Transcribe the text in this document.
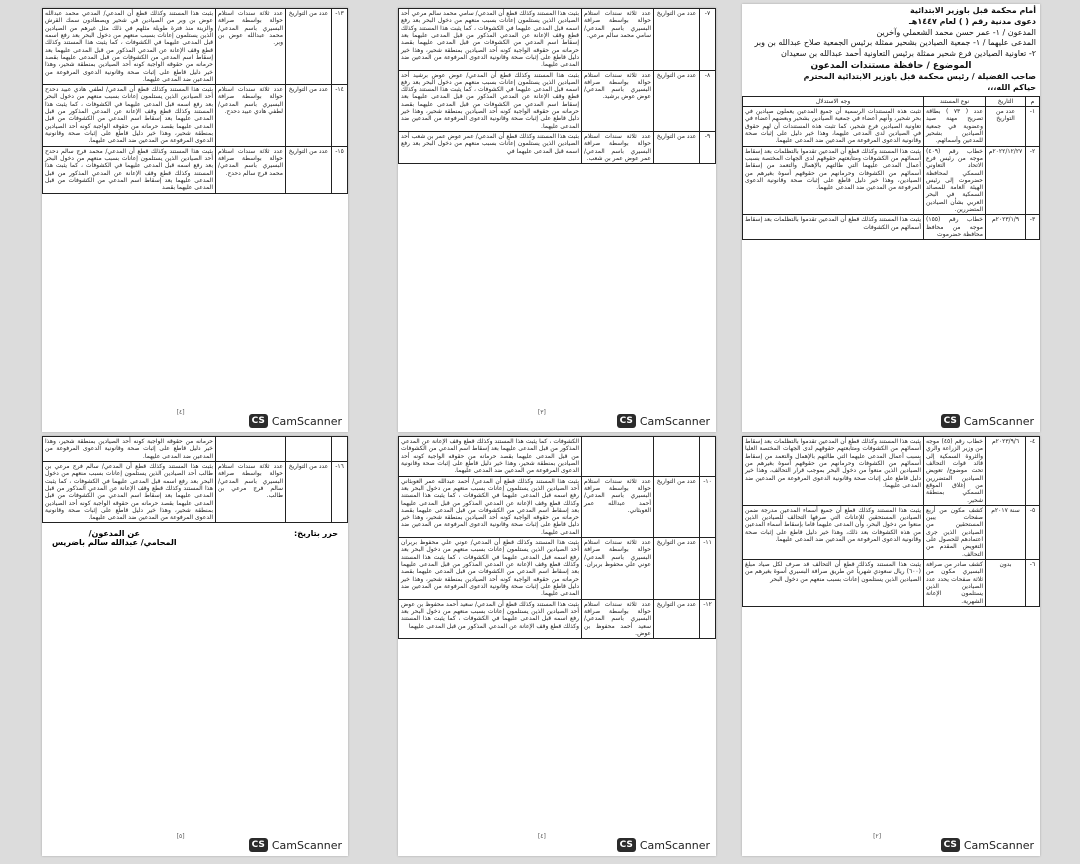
١٣-	عدد من التواريخ	عدد ثلاثة سندات استلام حوالة بواسطة صرافة البسيري باسم المدعي/ محمد عبدالله عوض بن وبر.	بثبت هذا المستند وكذلك قطع أن المدعي/ المدعي محمد عبدالله عوض بن وبر من الصيادين في شحير ويصطادون سمك القرش والزينة منذ فترة طويلة مثلهم في ذلك مثل غيرهم من الصيادين الذين يستلمون إعانات بسبب منعهم من دخول البحر بعد رفع اسمه قبل المدعى عليهما في الكشوفات ، كما يثبت هذا المستند وكذلك قطع وقف الإعانة عن المدعي المذكور من قبل المدعى عليهما بعد إسقاط اسم المدعي من الكشوفات من قبل المدعى عليهما بقصد حرمانه من حقوقه الواجبة كونه أحد الصيادين بمنطقة شحير، وهذا خير دليل قاطع على إثبات صحة وقانونية الدعوى المرفوعة من المدعين ضد المدعى عليهما.
١٤-	عدد من التواريخ	عدد ثلاثة سندات استلام حوالة بواسطة صرافة البسيري باسم المدعي/ لطفي هادي عبيد دحدح.	بثبت هذا المستند وكذلك قطع أن المدعي/ لطفي هادي عبيد دحدح أحد الصيادين الذين يستلمون إعانات بسبب منعهم من دخول البحر بعد رفع اسمه قبل المدعى عليهما في الكشوفات ، كما يثبت هذا المستند وكذلك قطع وقف الإعانة عن المدعي المذكور من قبل المدعى عليهما بعد إسقاط اسم المدعي من الكشوفات من قبل المدعى عليهما بقصد حرمانه من حقوقه الواجبة كونه أحد الصيادين بمنطقة شحير، وهذا خير دليل قاطع على إثبات صحة وقانونية الدعوى المرفوعة من المدعين ضد المدعى عليهما.
١٥-	عدد من التواريخ	عدد ثلاثة سندات استلام حوالة بواسطة صرافة البسيري باسم المدعي/ محمد فرج سالم دحدح.	بثبت هذا المستند وكذلك قطع أن المدعي/ محمد فرج سالم دحدح أحد الصيادين الذين يستلمون إعانات بسبب منعهم من دخول البحر بعد رفع اسمه قبل المدعى عليهما في الكشوفات ، كما يثبت هذا المستند وكذلك قطع وقف الإعانة عن المدعي المذكور من قبل المدعى عليهما بعد إسقاط اسم المدعي من الكشوفات من قبل المدعى عليهما بقصد
[٤]
CS CamScanner
٧-	عدد من التواريخ	عدد ثلاثة سندات استلام حوالة بواسطة صرافة البسيري باسم المدعي/ سامي محمد سالم مرعي.	بثبت هذا المستند وكذلك قطع أن المدعي/ سامي محمد سالم مرعي أحد الصيادين الذين يستلمون إعانات بسبب منعهم من دخول البحر بعد رفع اسمه قبل المدعى عليهما في الكشوفات ، كما يثبت هذا المستند وكذلك قطع وقف الإعانة عن المدعي المذكور من قبل المدعى عليهما بعد إسقاط اسم المدعي من الكشوفات من قبل المدعى عليهما بقصد حرمانه من حقوقه الواجبة كونه أحد الصيادين بمنطقة شحير، وهذا خير دليل قاطع على إثبات صحة وقانونية الدعوى المرفوعة من المدعين ضد المدعى عليهما.
٨-	عدد من التواريخ	عدد ثلاثة سندات استلام حوالة بواسطة صرافة البسيري باسم المدعي/ عوض عوض برشيد.	بثبت هذا المستند وكذلك قطع أن المدعي/ عوض عوض برشيد أحد الصيادين الذين يستلمون إعانات بسبب منعهم من دخول البحر بعد رفع اسمه قبل المدعى عليهما في الكشوفات ، كما يثبت هذا المستند وكذلك قطع وقف الإعانة عن المدعي المذكور من قبل المدعى عليهما بعد إسقاط اسم المدعي من الكشوفات من قبل المدعى عليهما بقصد حرمانه من حقوقه الواجبة كونه أحد الصيادين بمنطقة شحير، وهذا خير دليل قاطع على إثبات صحة وقانونية الدعوى المرفوعة من المدعين ضد المدعى عليهما.
٩-	عدد من التواريخ	عدد ثلاثة سندات استلام حوالة بواسطة صرافة البسيري باسم المدعي/ عمر عوض عمر بن شعب.	بثبت هذا المستند وكذلك قطع أن المدعي/ عمر عوض عمر بن شعب أحد الصيادين الذين يستلمون إعانات بسبب منعهم من دخول البحر بعد رفع اسمه قبل المدعى عليهما في
[٣]
CS CamScanner
أمام محكمة قبل باوزير الابتدائية
دعوى مدنية رقم ( ) لعام ١٤٤٧هـ
المدعون / ١- عمر حسن محمد الشعملي وآخرين
المدعى عليهما / ١- جمعية الصيادين بشحير ممثلة برئيس الجمعية صلاح عبدالله بن وبر
٢- تعاونية الصيادين فرع شحير ممثلة برئيس التعاونية أحمد عبدالله بن سعيدان
الموضوع / حافظة مستندات المدعون
صاحب الفضيلة / رئيس محكمة قبل باوزير الابتدائية المحترم
حياكم الله،،،
م	التاريخ	نوع المستند	وجه الاستدلال
١-	عدد من التواريخ	عدد ( ٧٣ ) بطاقة تصريح مهنة صيد وعضوية في جمعية الصيادين بشحير للمدعين وأسمائهم.	تثبت هذه المستندات الرسمية أن جميع المدعين يعملون صيادين في بحر شحير، وأنهم أعضاء في جمعية الصيادين بشحير وبعضهم أعضاء في تعاونية الصيادين فرع شحير، كما تثبت هذه المستندات أن لهم حقوق في الصيادين لدى المدعى عليهما، وهذا خير دليل على إثبات صحة وقانونية الدعوى المرفوعة من المدعين ضد المدعى عليهما.
٢-	٢٠٢٢/١٢/٢٧م	خطاب رقم (٤٠٩) موجه من رئيس فرع الاتحاد التعاوني السمكي لمحافظة حضرموت إلى رئيس الهيئة العامة للمصائد السمكية في البحر العربي بشأن الصيادين المتضررين.	يثبت هذا المستند وكذلك قطع أن المدعين تقدموا بالتظلمات بعد إسقاط أسمائهم من الكشوفات ومتابعتهم حقوقهم لدى الجهات المختصة بسبب أعمال المدعى عليهما التي طالتهم بالإهمال والتعمد من إسقاط أسمائهم من الكشوفات وحرمانهم من حقوقهم أسوة بغيرهم من الصيادين، وهذا خير دليل قاطع على إثبات صحة وقانونية الدعوى المرفوعة من المدعين ضد المدعى عليهما.
٣-	٢٠٢٣/١/٩م	خطاب رقم (١٥٥) موجه من محافظ محافظة حضرموت	يثبت هذا المستند وكذلك قطع أن المدعين تقدموا بالتظلمات بعد إسقاط أسمائهم من الكشوفات
CS CamScanner
			حرمانه من حقوقه الواجبة كونه أحد الصيادين بمنطقة شحير، وهذا خير دليل قاطع على إثبات صحة وقانونية الدعوى المرفوعة من المدعين ضد المدعى عليهما.
١٦-	عدد من التواريخ	عدد ثلاثة سندات استلام حوالة بواسطة صرافة البسيري باسم المدعي/ سالم فرج مرعي بن طالب.	بثبت هذا المستند وكذلك قطع أن المدعي/ سالم فرج مرعي بن طالب أحد الصيادين الذين يستلمون إعانات بسبب منعهم من دخول البحر بعد رفع اسمه قبل المدعى عليهما في الكشوفات ، كما يثبت هذا المستند وكذلك قطع وقف الإعانة عن المدعي المذكور من قبل المدعى عليهما بعد إسقاط اسم المدعي من الكشوفات من قبل المدعى عليهما بقصد حرمانه من حقوقه الواجبة كونه أحد الصيادين بمنطقة شحير، وهذا خير دليل قاطع على إثبات صحة وقانونية الدعوى المرفوعة من المدعين ضد المدعى عليهما.
حرر بتاريخ:
عن المدعون/
المحامي/ عبدالله سالم باضريس
[٥]
CS CamScanner
			الكشوفات ، كما يثبت هذا المستند وكذلك قطع وقف الإعانة عن المدعي المذكور من قبل المدعى عليهما بعد إسقاط اسم المدعي من الكشوفات من قبل المدعى عليهما بقصد حرمانه من حقوقه الواجبة كونه أحد الصيادين بمنطقة شحير، وهذا خير دليل قاطع على إثبات صحة وقانونية الدعوى المرفوعة من المدعين ضد المدعى عليهما.
١٠-	عدد من التواريخ	عدد ثلاثة سندات استلام حوالة بواسطة صرافة البسيري باسم المدعي/ أحمد عبدالله عمر العوبثاني.	بثبت هذا المستند وكذلك قطع أن المدعي/ أحمد عبدالله عمر العوبثاني أحد الصيادين الذين يستلمون إعانات بسبب منعهم من دخول البحر بعد رفع اسمه قبل المدعى عليهما في الكشوفات ، كما يثبت هذا المستند وكذلك قطع وقف الإعانة عن المدعي المذكور من قبل المدعى عليهما بعد إسقاط اسم المدعي من الكشوفات من قبل المدعى عليهما بقصد حرمانه من حقوقه الواجبة كونه أحد الصيادين بمنطقة شحير، وهذا خير دليل قاطع على إثبات صحة وقانونية الدعوى المرفوعة من المدعين ضد المدعى عليهما.
١١-	عدد من التواريخ	عدد ثلاثة سندات استلام حوالة بواسطة صرافة البسيري باسم المدعي/ عوني علي محفوظ بربران.	بثبت هذا المستند وكذلك قطع أن المدعي/ عوني علي محفوظ بربران أحد الصيادين الذين يستلمون إعانات بسبب منعهم من دخول البحر بعد رفع اسمه قبل المدعى عليهما في الكشوفات ، كما يثبت هذا المستند وكذلك قطع وقف الإعانة عن المدعي المذكور من قبل المدعى عليهما بعد إسقاط اسم المدعي من الكشوفات من قبل المدعى عليهما بقصد حرمانه من حقوقه الواجبة كونه أحد الصيادين بمنطقة شحير، وهذا خير دليل قاطع على إثبات صحة وقانونية الدعوى المرفوعة من المدعين ضد المدعى عليهما.
١٢-	عدد من التواريخ	عدد ثلاثة سندات استلام حوالة بواسطة صرافة البسيري باسم المدعي/ سعيد أحمد محفوظ بن عوض.	بثبت هذا المستند وكذلك قطع أن المدعي/ سعيد أحمد محفوظ بن عوض أحد الصيادين الذين يستلمون إعانات بسبب منعهم من دخول البحر بعد رفع اسمه قبل المدعى عليهما في الكشوفات ، كما يثبت هذا المستند وكذلك قطع وقف الإعانة عن المدعي المذكور من قبل المدعى عليهما
[٤]
CS CamScanner
٤-	٢٠٢٣/٩/٦م	خطاب رقم (٤٥) موجه من وزير الزراعة والري والثروة السمكية إلى قائد قوات التحالف تحت موضوع/ تعويض الصيادين المتضررين من إغلاق الموقع السمكي بمنطقة شحير.	يثبت هذا المستند وكذلك قطع أن المدعين تقدموا بالتظلمات بعد إسقاط أسمائهم من الكشوفات ومتابعتهم حقوقهم لدى الجهات المختصة العليا بسبب أعمال المدعى عليهما التي طالتهم بالإهمال والتعمد من إسقاط أسمائهم من الكشوفات وحرمانهم من حقوقهم أسوة بغيرهم من الصيادين الذين منعوا من دخول البحر بموجب قرار التحالف، وهذا خير دليل قاطع على إثبات صحة وقانونية الدعوى المرفوعة من المدعين ضد المدعى عليهما.
٥-	سنة ٢٠١٧م	كشف مكون من أربع صفحات يبين المستحقين من الصيادين الذين جرى اعتمادهم للحصول على التعويض المقدم من التحالف.	يثبت هذا المستند وكذلك قطع أن جميع أسماء المدعين مدرجة ضمن الصيادين المستحقين للإعانات التي صرفها التحالف للصيادين الذين منعوا من دخول البحر، وأن المدعى عليهما قاما بإسقاط أسماء المدعين من هذه الكشوفات بعد ذلك، وهذا خير دليل قاطع على إثبات صحة وقانونية الدعوى المرفوعة من المدعين ضد المدعى عليهما.
٦-	بدون	كشف صادر من صرافة البسيري مكون من ثلاثة صفحات يحدد عدد الصيادين الذين يستلمون الإعانة الشهرية.	يثبت هذا المستند وكذلك قطع أن التحالف قد صرف لكل صياد مبلغ (٦٠٠) ريال سعودي شهرياً عن طريق صرافة البسيري أسوة بغيرهم من الصيادين الذين يستلمون إعانات بسبب منعهم من دخول البحر
[٢]
CS CamScanner
